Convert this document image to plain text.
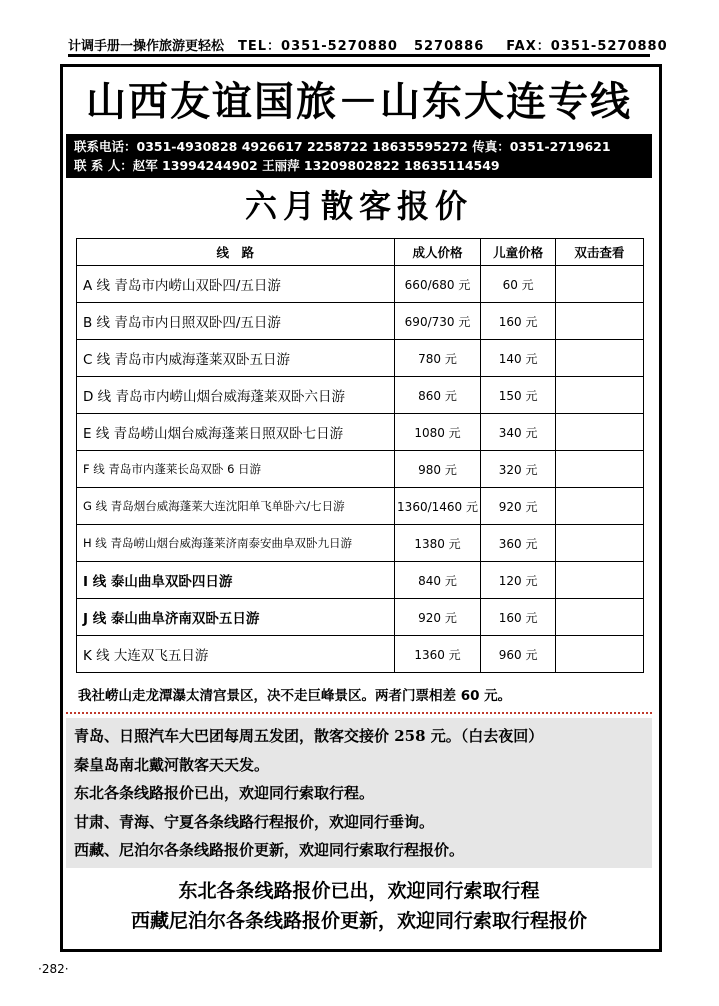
计调手册一操作旅游更轻松 TEL：0351-5270880 5270886 FAX：0351-5270880
山西友谊国旅－山东大连专线
联系电话：0351-4930828 4926617 2258722 18635595272 传真：0351-2719621
联 系 人：赵军 13994244902 王丽萍 13209802822 18635114549
六月散客报价
线　路	成人价格	儿童价格	双击查看
A 线 青岛市内崂山双卧四/五日游	660/680 元	60 元	
B 线 青岛市内日照双卧四/五日游	690/730 元	160 元	
C 线 青岛市内威海蓬莱双卧五日游	780 元	140 元	
D 线 青岛市内崂山烟台威海蓬莱双卧六日游	860 元	150 元	
E 线 青岛崂山烟台威海蓬莱日照双卧七日游	1080 元	340 元	
F 线 青岛市内蓬莱长岛双卧 6 日游	980 元	320 元	
G 线 青岛烟台威海蓬莱大连沈阳单飞单卧六/七日游	1360/1460 元	920 元	
H 线 青岛崂山烟台威海蓬莱济南泰安曲阜双卧九日游	1380 元	360 元	
I 线 泰山曲阜双卧四日游	840 元	120 元	
J 线 泰山曲阜济南双卧五日游	920 元	160 元	
K 线 大连双飞五日游	1360 元	960 元	
我社崂山走龙潭瀑太清宫景区，决不走巨峰景区。两者门票相差 60 元。
青岛、日照汽车大巴团每周五发团，散客交接价 258 元。（白去夜回）
秦皇岛南北戴河散客天天发。
东北各条线路报价已出，欢迎同行索取行程。
甘肃、青海、宁夏各条线路行程报价，欢迎同行垂询。
西藏、尼泊尔各条线路报价更新，欢迎同行索取行程报价。
东北各条线路报价已出，欢迎同行索取行程
西藏尼泊尔各条线路报价更新，欢迎同行索取行程报价
·282·
